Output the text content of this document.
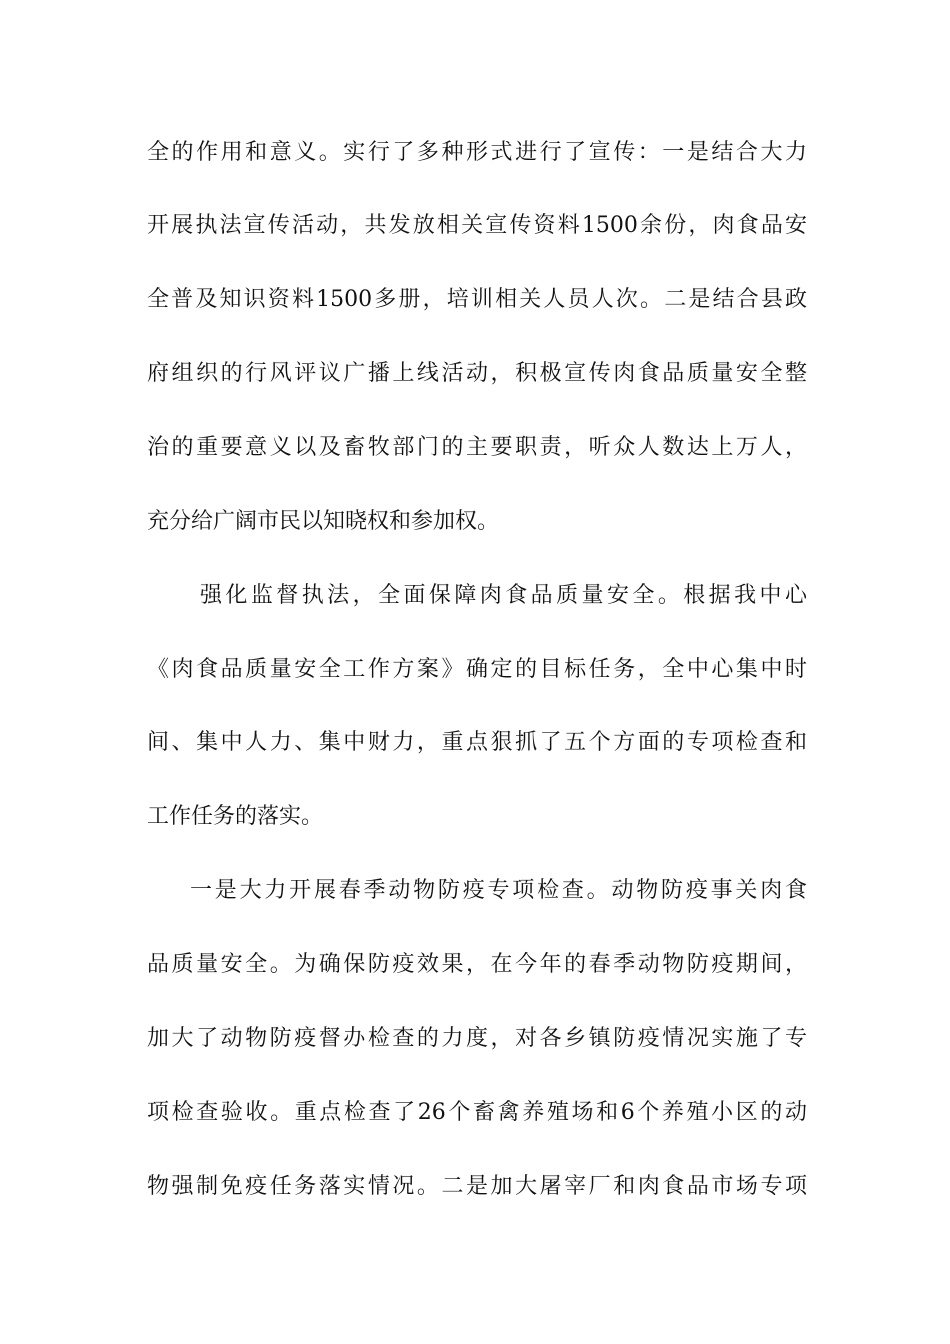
全的作用和意义。实行了多种形式进行了宣传：一是结合大力
开展执法宣传活动，共发放相关宣传资料1500余份，肉食品安
全普及知识资料1500多册，培训相关人员人次。二是结合县政
府组织的行风评议广播上线活动，积极宣传肉食品质量安全整
治的重要意义以及畜牧部门的主要职责，听众人数达上万人，
充分给广阔市民以知晓权和参加权。
强化监督执法，全面保障肉食品质量安全。根据我中心
《肉食品质量安全工作方案》确定的目标任务，全中心集中时
间、集中人力、集中财力，重点狠抓了五个方面的专项检查和
工作任务的落实。
一是大力开展春季动物防疫专项检查。动物防疫事关肉食
品质量安全。为确保防疫效果，在今年的春季动物防疫期间，
加大了动物防疫督办检查的力度，对各乡镇防疫情况实施了专
项检查验收。重点检查了26个畜禽养殖场和6个养殖小区的动
物强制免疫任务落实情况。二是加大屠宰厂和肉食品市场专项
